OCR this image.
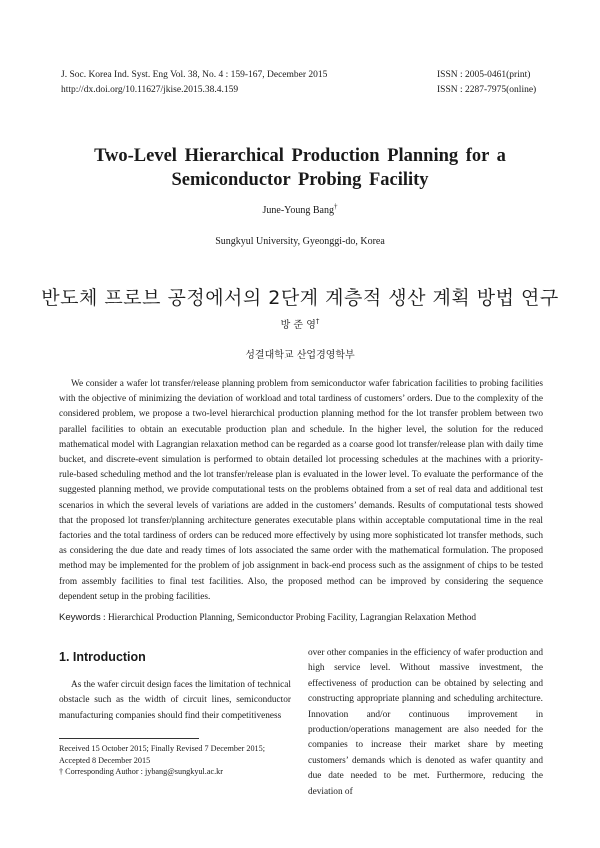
J. Soc. Korea Ind. Syst. Eng Vol. 38, No. 4 : 159-167, December 2015
http://dx.doi.org/10.11627/jkise.2015.38.4.159
ISSN : 2005-0461(print)
ISSN : 2287-7975(online)
Two-Level Hierarchical Production Planning for a
Semiconductor Probing Facility
June-Young Bang†
Sungkyul University, Gyeonggi-do, Korea
반도체 프로브 공정에서의 2단계 계층적 생산 계획 방법 연구
방 준 영†
성결대학교 산업경영학부

We consider a wafer lot transfer/release planning problem from semiconductor wafer fabrication facilities to probing facilities with the objective of minimizing the deviation of workload and total tardiness of customers’ orders. Due to the complexity of the considered problem, we propose a two-level hierarchical production planning method for the lot transfer problem between two parallel facilities to obtain an executable production plan and schedule. In the higher level, the solution for the reduced mathematical model with Lagrangian relaxation method can be regarded as a coarse good lot transfer/release plan with daily time bucket, and discrete-event simulation is performed to obtain detailed lot processing schedules at the machines with a priority-rule-based scheduling method and the lot transfer/release plan is evaluated in the lower level. To evaluate the performance of the suggested planning method, we provide computational tests on the problems obtained from a set of real data and additional test scenarios in which the several levels of variations are added in the customers’ demands. Results of computational tests showed that the proposed lot transfer/planning architecture generates executable plans within acceptable computational time in the real factories and the total tardiness of orders can be reduced more effectively by using more sophisticated lot transfer methods, such as considering the due date and ready times of lots associated the same order with the mathematical formulation. The proposed method may be implemented for the problem of job assignment in back-end process such as the assignment of chips to be tested from assembly facilities to final test facilities. Also, the proposed method can be improved by considering the sequence dependent setup in the probing facilities.

Keywords : Hierarchical Production Planning, Semiconductor Probing Facility, Lagrangian Relaxation Method
1. Introduction

As the wafer circuit design faces the limitation of technical obstacle such as the width of circuit lines, semiconductor manufacturing companies should find their competitiveness

Received 15 October 2015; Finally Revised 7 December 2015;
Accepted 8 December 2015
† Corresponding Author : jybang@sungkyul.ac.kr

over other companies in the efficiency of wafer production and high service level. Without massive investment, the effectiveness of production can be obtained by selecting and constructing appropriate planning and scheduling architecture. Innovation and/or continuous improvement in production/operations management are also needed for the companies to increase their market share by meeting customers’ demands which is denoted as wafer quantity and due date needed to be met. Furthermore, reducing the deviation of
